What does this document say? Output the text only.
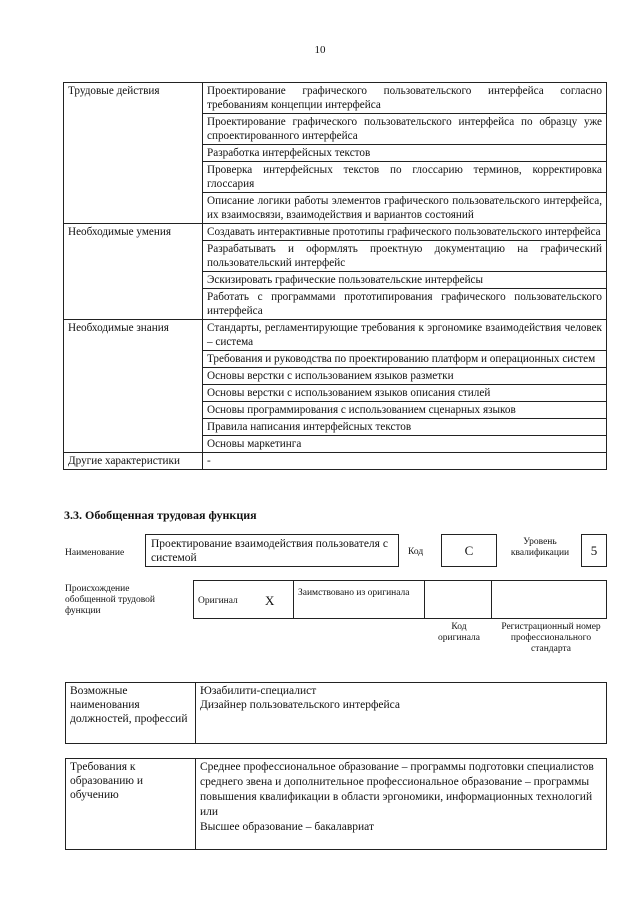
10
Трудовые действия	Проектирование графического пользовательского интерфейса согласно требованиям концепции интерфейса
	Проектирование графического пользовательского интерфейса по образцу уже спроектированного интерфейса
	Разработка интерфейсных текстов
	Проверка интерфейсных текстов по глоссарию терминов, корректировка глоссария
	Описание логики работы элементов графического пользовательского интерфейса, их взаимосвязи, взаимодействия и вариантов состояний
Необходимые умения	Создавать интерактивные прототипы графического пользовательского интерфейса
	Разрабатывать и оформлять проектную документацию на графический пользовательский интерфейс
	Эскизировать графические пользовательские интерфейсы
	Работать с программами прототипирования графического пользовательского интерфейса
Необходимые знания	Стандарты, регламентирующие требования к эргономике взаимодействия человек – система
	Требования и руководства по проектированию платформ и операционных систем
	Основы верстки с использованием языков разметки
	Основы верстки с использованием языков описания стилей
	Основы программирования с использованием сценарных языков
	Правила написания интерфейсных текстов
	Основы маркетинга
Другие характеристики	-
3.3. Обобщенная трудовая функция
Наименование
Проектирование взаимодействия пользователя с системой	Код	C
Уровень квалификации	5
Происхождение обобщенной трудовой функции
Оригинал X Заимствовано из оригинала
Код оригинала
Регистрационный номер профессионального стандарта
Возможные наименования должностей, профессий	
Юзабилити-специалист
Дизайнер пользовательского интерфейса
Требования к образованию и обучению	
Среднее профессиональное образование – программы подготовки специалистов среднего звена и дополнительное профессиональное образование – программы повышения квалификации в области эргономики, информационных технологий
или
Высшее образование – бакалавриат
